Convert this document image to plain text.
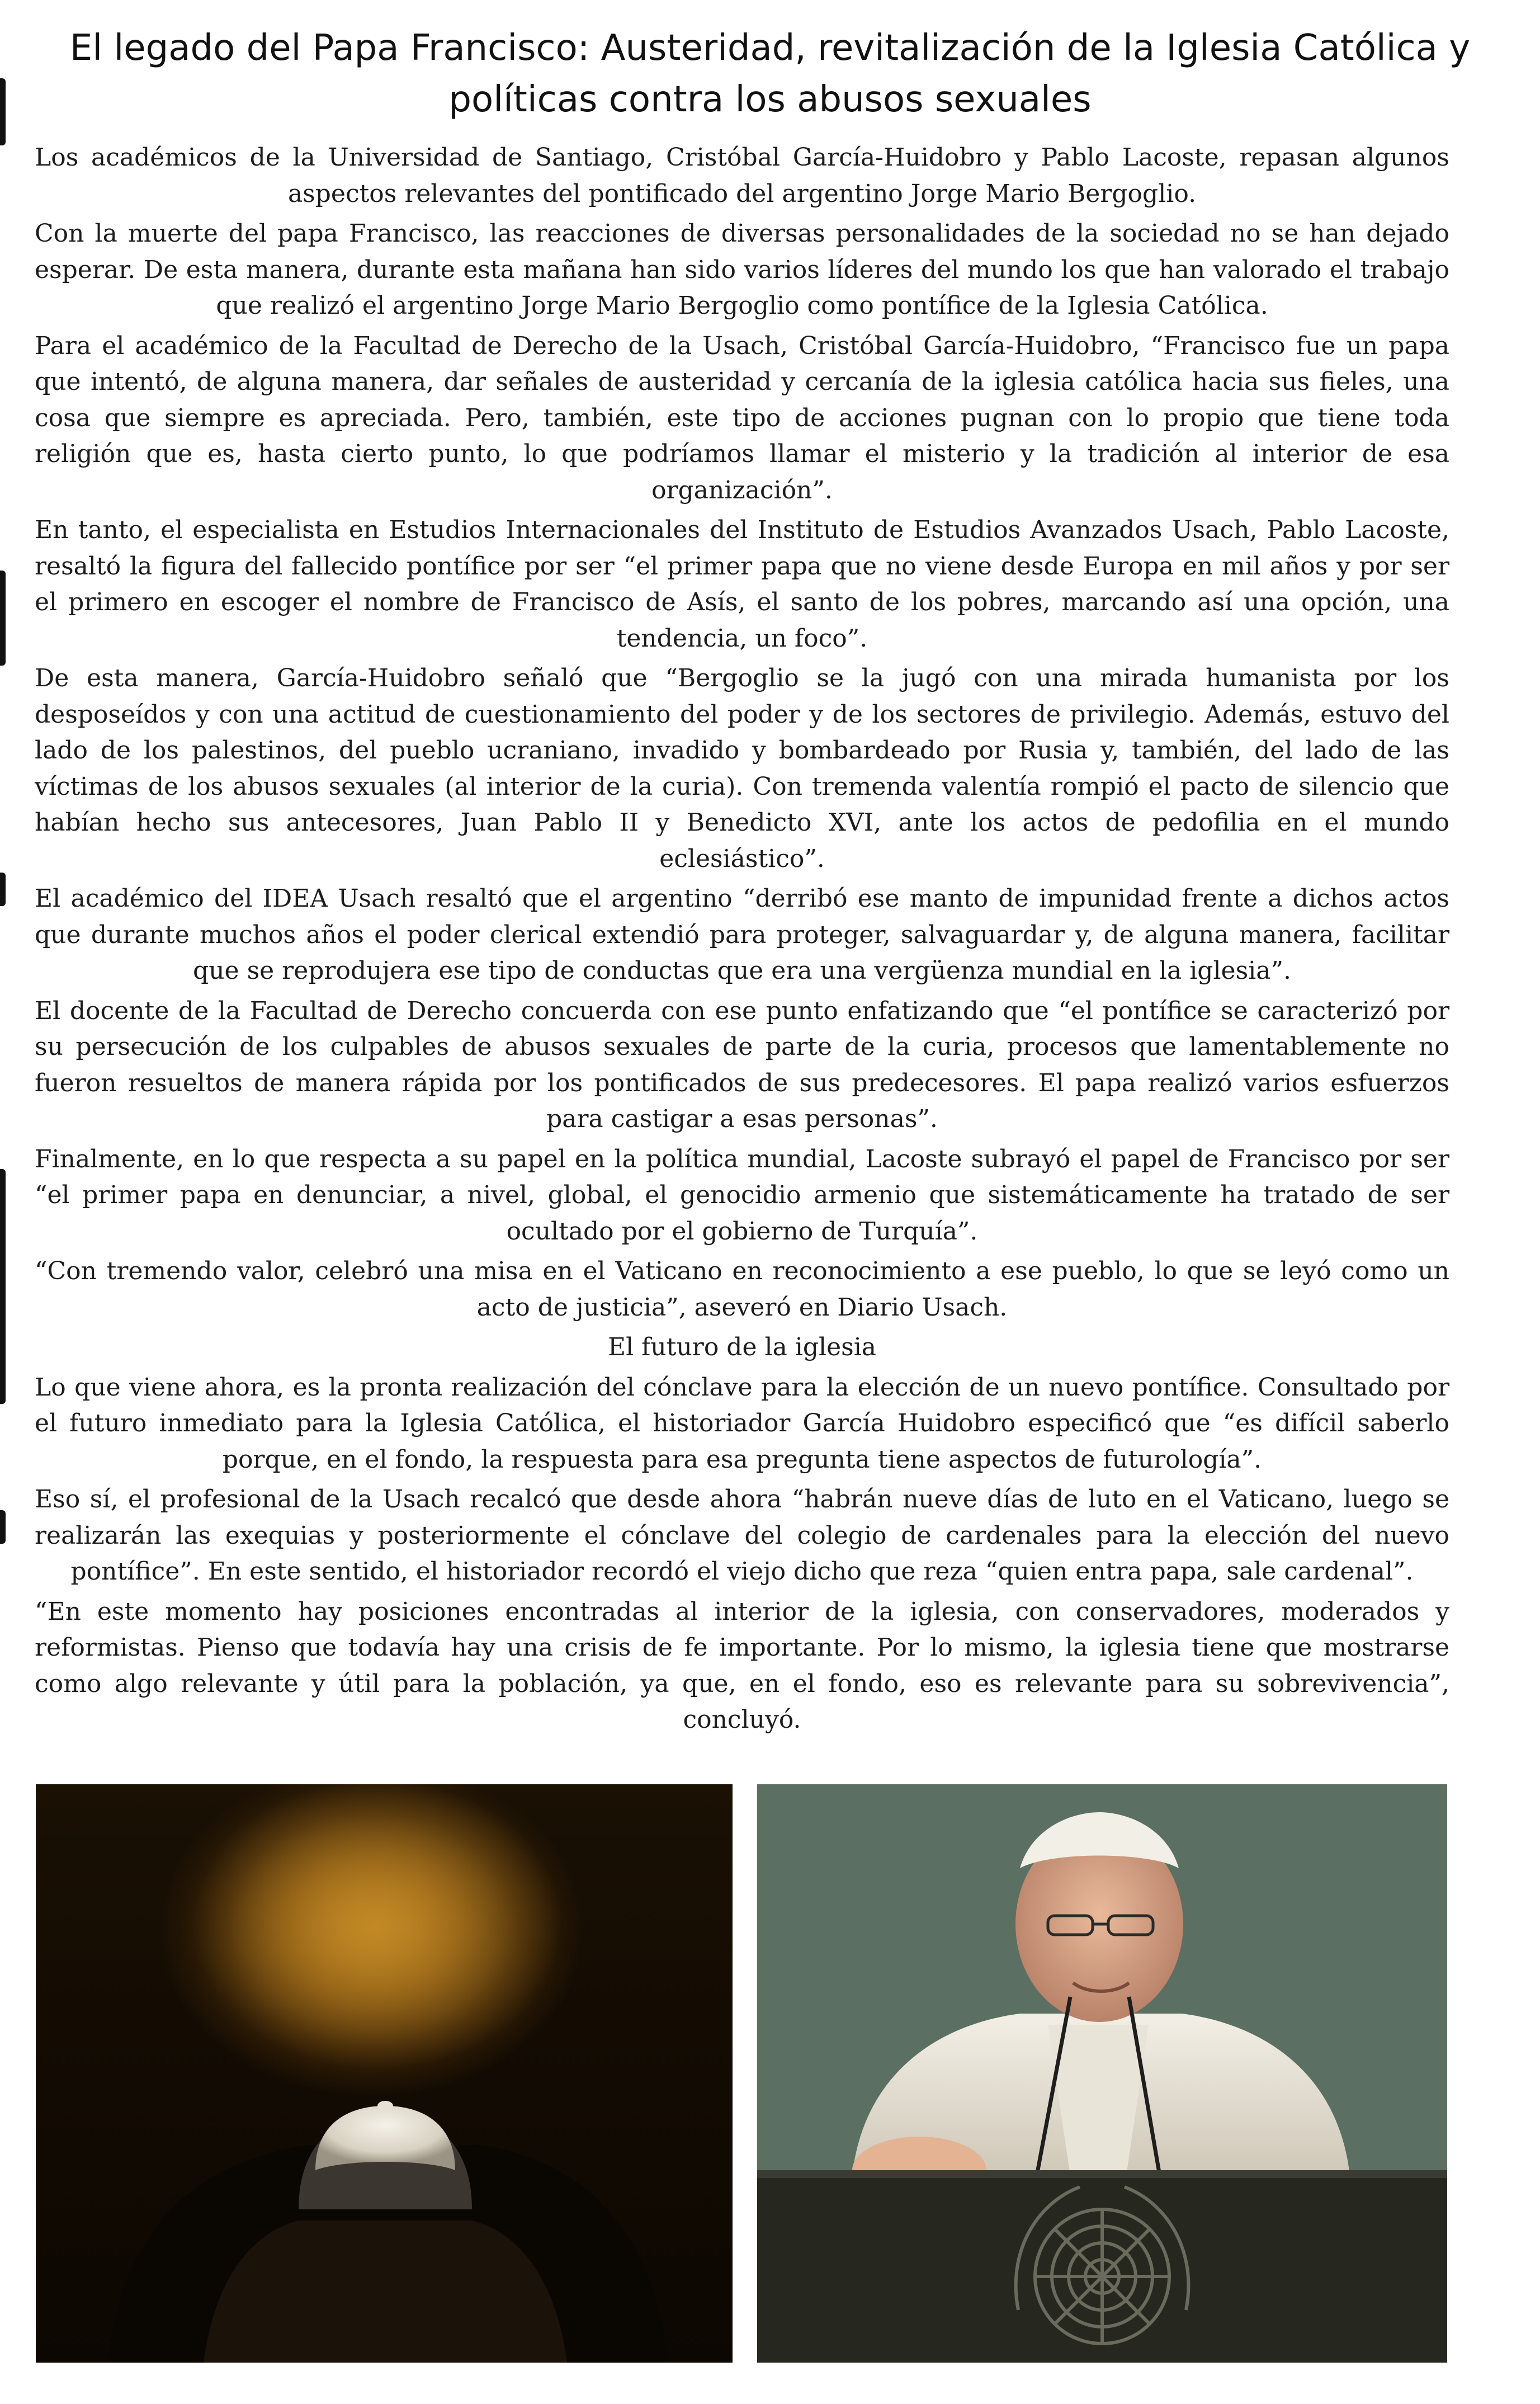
El legado del Papa Francisco: Austeridad, revitalización de la Iglesia Católica y
políticas contra los abusos sexuales

Los académicos de la Universidad de Santiago, Cristóbal García-Huidobro y Pablo Lacoste, repasan algunos aspectos relevantes del pontificado del argentino Jorge Mario Bergoglio.

Con la muerte del papa Francisco, las reacciones de diversas personalidades de la sociedad no se han dejado esperar. De esta manera, durante esta mañana han sido varios líderes del mundo los que han valorado el trabajo que realizó el argentino Jorge Mario Bergoglio como pontífice de la Iglesia Católica.

Para el académico de la Facultad de Derecho de la Usach, Cristóbal García-Huidobro, “Francisco fue un papa que intentó, de alguna manera, dar señales de austeridad y cercanía de la iglesia católica hacia sus fieles, una cosa que siempre es apreciada. Pero, también, este tipo de acciones pugnan con lo propio que tiene toda religión que es, hasta cierto punto, lo que podríamos llamar el misterio y la tradición al interior de esa organización”.

En tanto, el especialista en Estudios Internacionales del Instituto de Estudios Avanzados Usach, Pablo Lacoste, resaltó la figura del fallecido pontífice por ser “el primer papa que no viene desde Europa en mil años y por ser el primero en escoger el nombre de Francisco de Asís, el santo de los pobres, marcando así una opción, una tendencia, un foco”.

De esta manera, García-Huidobro señaló que “Bergoglio se la jugó con una mirada humanista por los desposeídos y con una actitud de cuestionamiento del poder y de los sectores de privilegio. Además, estuvo del lado de los palestinos, del pueblo ucraniano, invadido y bombardeado por Rusia y, también, del lado de las víctimas de los abusos sexuales (al interior de la curia). Con tremenda valentía rompió el pacto de silencio que habían hecho sus antecesores, Juan Pablo II y Benedicto XVI, ante los actos de pedofilia en el mundo eclesiástico”.

El académico del IDEA Usach resaltó que el argentino “derribó ese manto de impunidad frente a dichos actos que durante muchos años el poder clerical extendió para proteger, salvaguardar y, de alguna manera, facilitar que se reprodujera ese tipo de conductas que era una vergüenza mundial en la iglesia”.

El docente de la Facultad de Derecho concuerda con ese punto enfatizando que “el pontífice se caracterizó por su persecución de los culpables de abusos sexuales de parte de la curia, procesos que lamentablemente no fueron resueltos de manera rápida por los pontificados de sus predecesores. El papa realizó varios esfuerzos para castigar a esas personas”.

Finalmente, en lo que respecta a su papel en la política mundial, Lacoste subrayó el papel de Francisco por ser “el primer papa en denunciar, a nivel, global, el genocidio armenio que sistemáticamente ha tratado de ser ocultado por el gobierno de Turquía”.

“Con tremendo valor, celebró una misa en el Vaticano en reconocimiento a ese pueblo, lo que se leyó como un acto de justicia”, aseveró en Diario Usach.

El futuro de la iglesia

Lo que viene ahora, es la pronta realización del cónclave para la elección de un nuevo pontífice. Consultado por el futuro inmediato para la Iglesia Católica, el historiador García Huidobro especificó que “es difícil saberlo porque, en el fondo, la respuesta para esa pregunta tiene aspectos de futurología”.

Eso sí, el profesional de la Usach recalcó que desde ahora “habrán nueve días de luto en el Vaticano, luego se realizarán las exequias y posteriormente el cónclave del colegio de cardenales para la elección del nuevo pontífice”. En este sentido, el historiador recordó el viejo dicho que reza “quien entra papa, sale cardenal”.

“En este momento hay posiciones encontradas al interior de la iglesia, con conservadores, moderados y reformistas. Pienso que todavía hay una crisis de fe importante. Por lo mismo, la iglesia tiene que mostrarse como algo relevante y útil para la población, ya que, en el fondo, eso es relevante para su sobrevivencia”, concluyó.
